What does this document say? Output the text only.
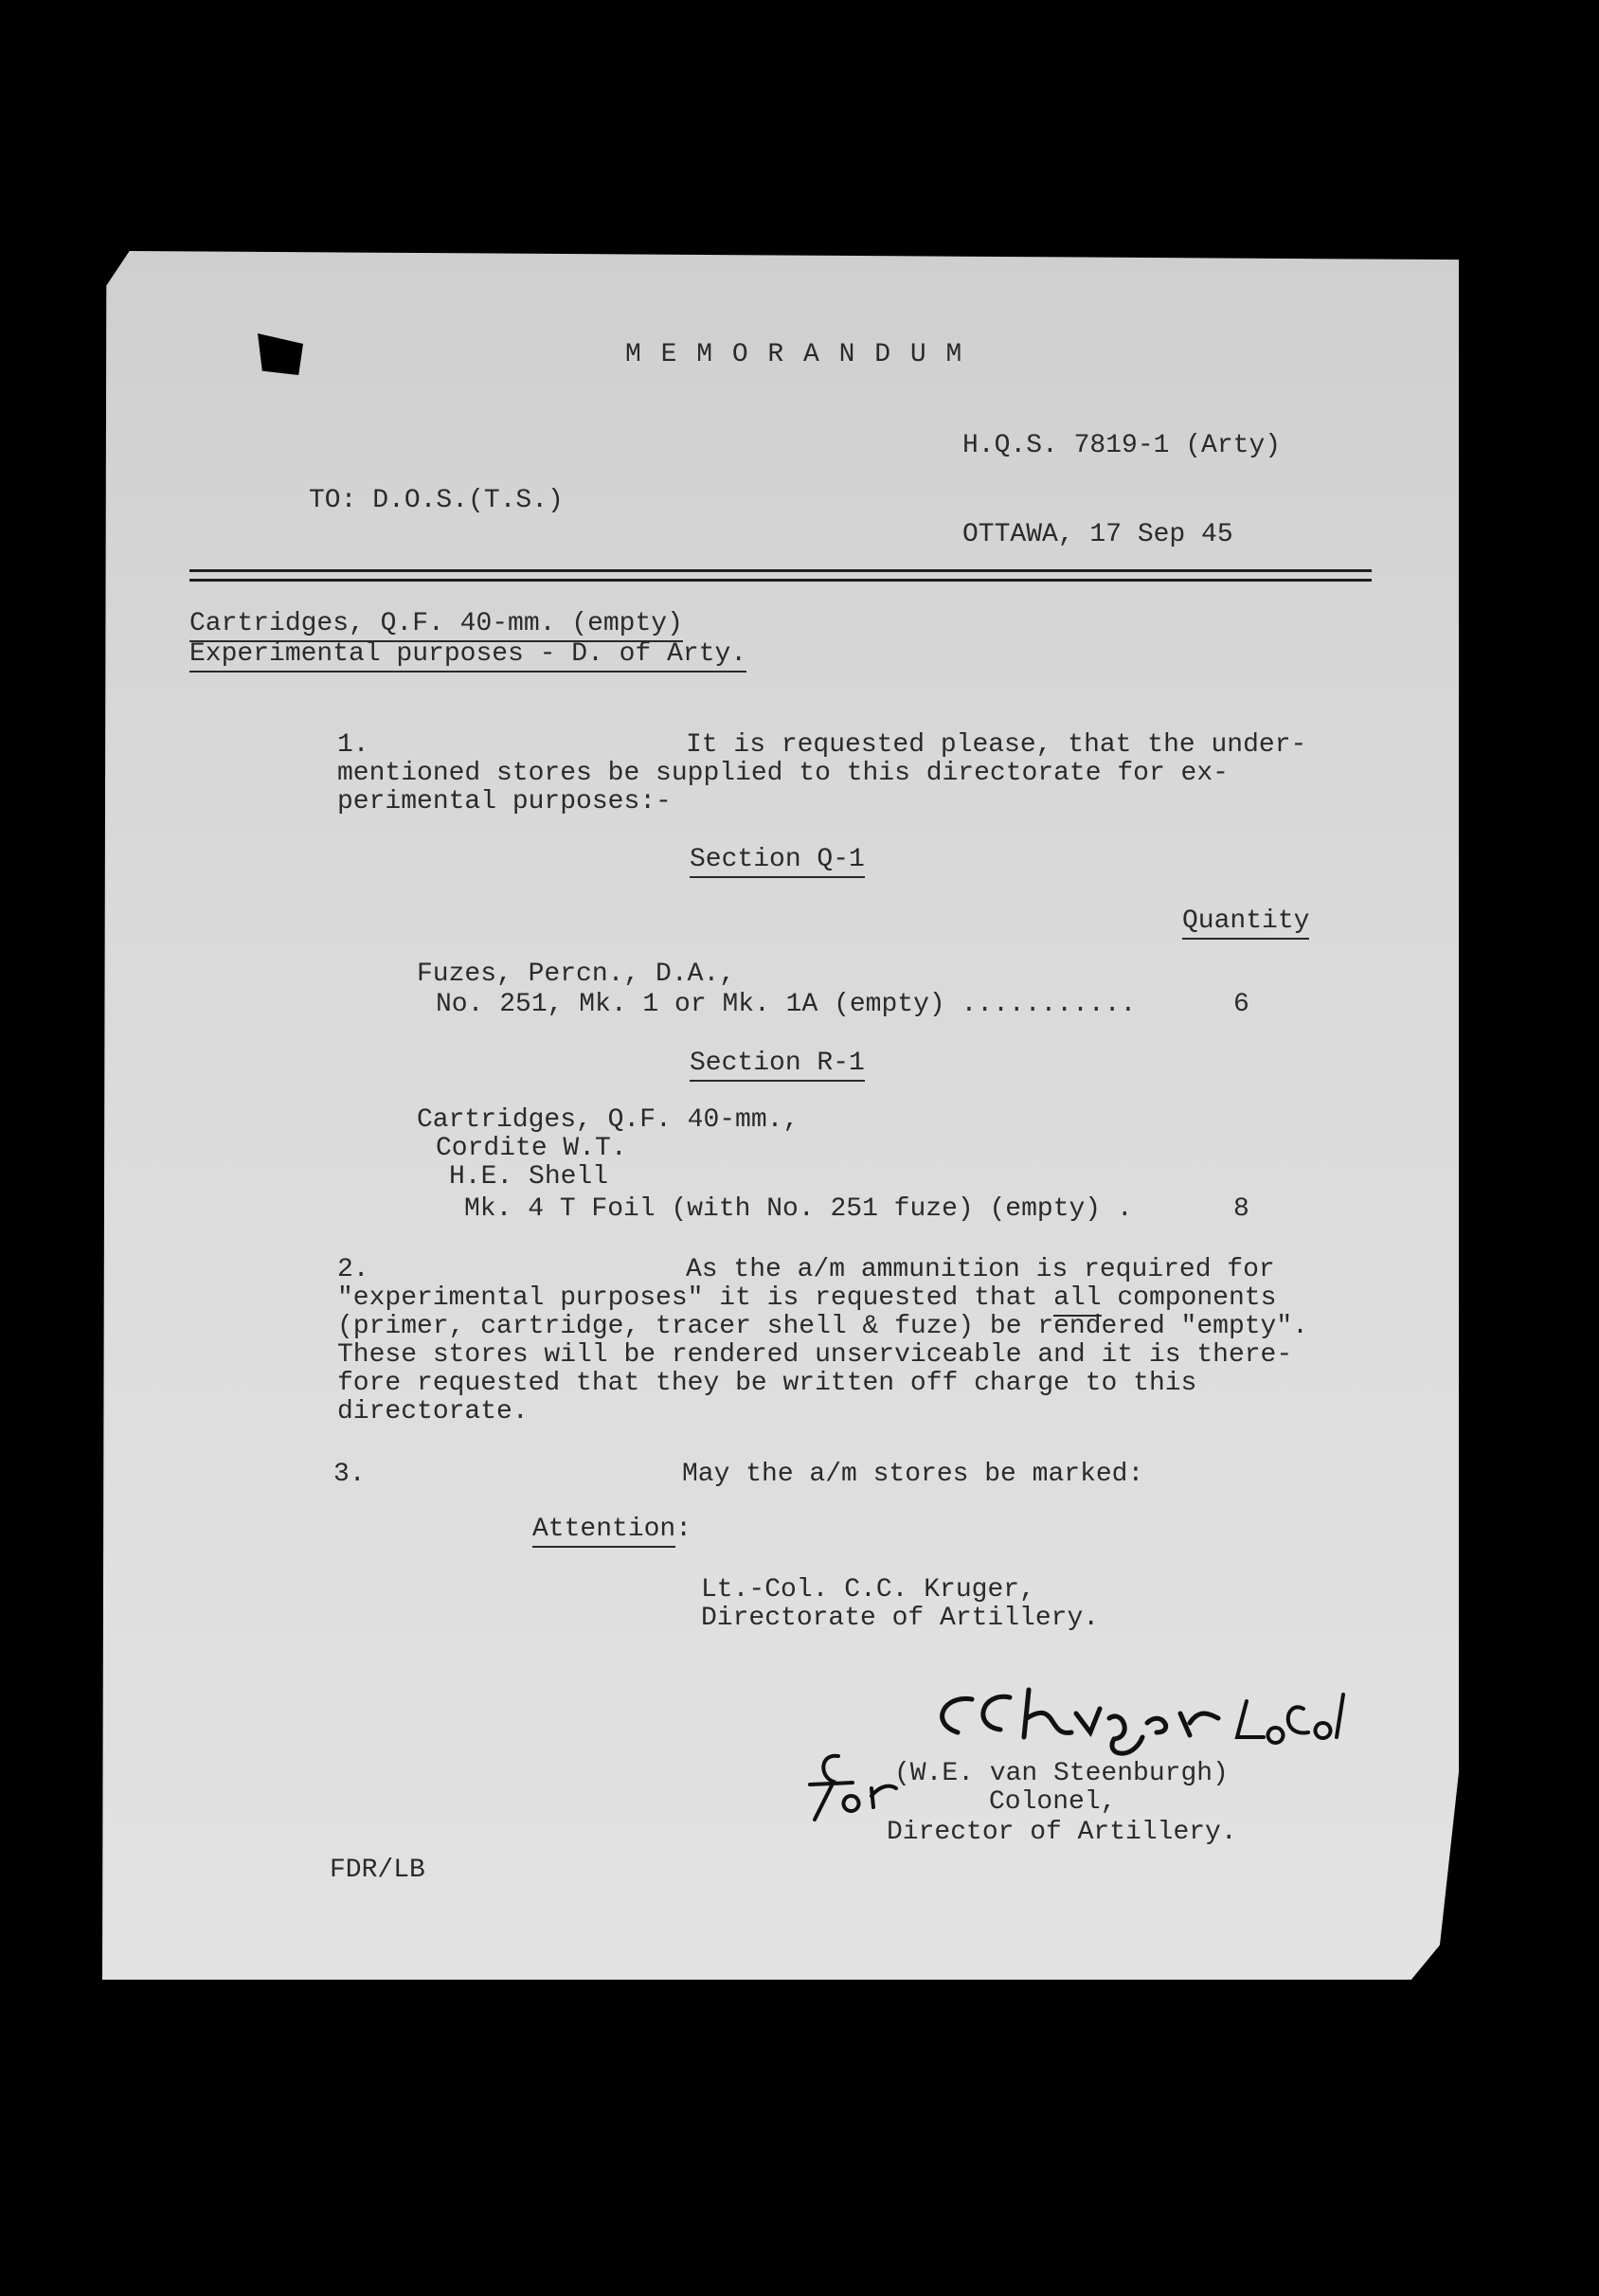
M E M O R A N D U M
H.Q.S. 7819-1 (Arty)
TO: D.O.S.(T.S.)
OTTAWA, 17 Sep 45
Cartridges, Q.F. 40-mm. (empty)
Experimental purposes - D. of Arty.
1.	It is requested please, that the under-
mentioned stores be supplied to this directorate for ex-
perimental purposes:-
Section Q-1
Quantity
Fuzes, Percn., D.A.,
No. 251, Mk. 1 or Mk. 1A (empty) ...........	6
Section R-1
Cartridges, Q.F. 40-mm.,
Cordite W.T.
H.E. Shell
Mk. 4 T Foil (with No. 251 fuze) (empty) .	8
2.	As the a/m ammunition is required for
"experimental purposes" it is requested that all components
(primer, cartridge, tracer shell & fuze) be rendered "empty".
These stores will be rendered unserviceable and it is there-
fore requested that they be written off charge to this
directorate.
3.	May the a/m stores be marked:
Attention:
Lt.-Col. C.C. Kruger,
Directorate of Artillery.
(W.E. van Steenburgh)
Colonel,
Director of Artillery.
FDR/LB
